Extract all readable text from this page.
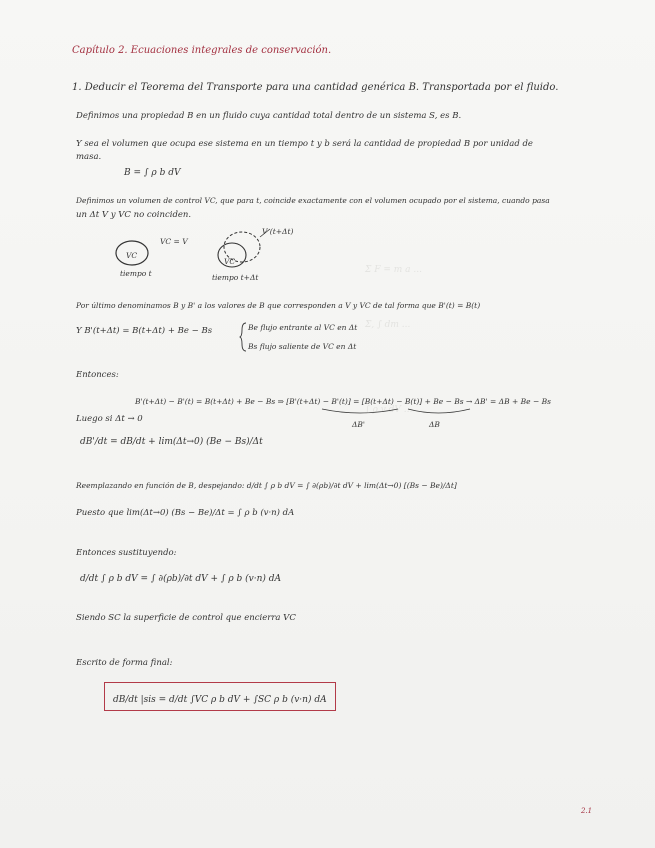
Σ F = m a ...
Σ, ∫ dm ...
∫ ρ v dV ...
Capítulo 2. Ecuaciones integrales de conservación.
1. Deducir el Teorema del Transporte para una cantidad genérica B. Transportada por el fluido.
Definimos una propiedad B en un fluido cuya cantidad total dentro de un sistema S, es B.
Y sea el volumen que ocupa ese sistema en un tiempo t y b será la cantidad de propiedad B por unidad de
masa.
B = ∫ ρ b dV
Definimos un volumen de control VC, que para t, coincide exactamente con el volumen ocupado por el sistema, cuando pasa
un Δt V y VC no coinciden.
VC
VC = V
tiempo t
VC
V (t+Δt)
tiempo t+Δt
Por último denominamos B y B' a los valores de B que corresponden a V y VC de tal forma que B'(t) = B(t)
Y B'(t+Δt) = B(t+Δt) + Be − Bs	Be flujo entrante al VC en Δt
Bs flujo saliente de VC en Δt
Entonces:
B'(t+Δt) − B'(t) = B(t+Δt) + Be − Bs ⇒ [B'(t+Δt) − B'(t)] = [B(t+Δt) − B(t)] + Be − Bs → ΔB' = ΔB + Be − Bs
ΔB'	ΔB
Luego si Δt → 0
dB'/dt = dB/dt + lim(Δt→0) (Be − Bs)/Δt
Reemplazando en función de B, despejando: d/dt ∫ ρ b dV = ∫ ∂(ρb)/∂t dV + lim(Δt→0) [(Bs − Be)/Δt]
Puesto que lim(Δt→0) (Bs − Be)/Δt = ∫ ρ b (v·n) dA
Entonces sustituyendo:
d/dt ∫ ρ b dV = ∫ ∂(ρb)/∂t dV + ∫ ρ b (v·n) dA
Siendo SC la superficie de control que encierra VC
Escrito de forma final:
dB/dt |sis = d/dt ∫VC ρ b dV + ∫SC ρ b (v·n) dA
2.1
